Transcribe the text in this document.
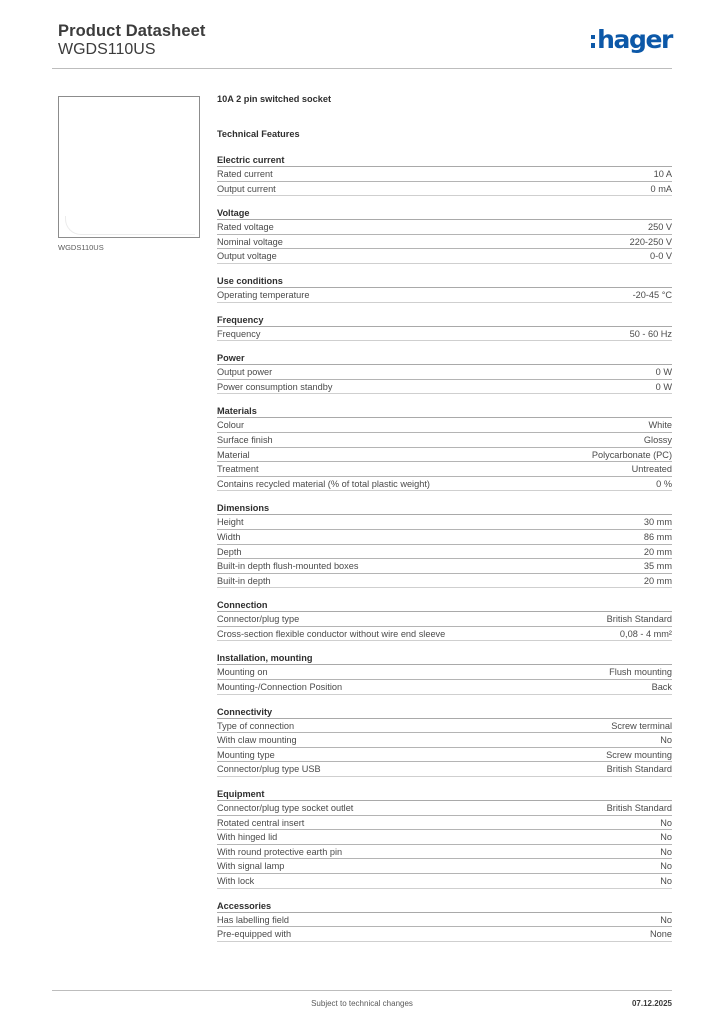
Product Datasheet
WGDS110US	hager
WGDS110US
10A 2 pin switched socket
Technical Features
Electric current
Rated current	10 A
Output current	0 mA
Voltage
Rated voltage	250 V
Nominal voltage	220-250 V
Output voltage	0-0 V
Use conditions
Operating temperature	-20-45 °C
Frequency
Frequency	50 - 60 Hz
Power
Output power	0 W
Power consumption standby	0 W
Materials
Colour	White
Surface finish	Glossy
Material	Polycarbonate (PC)
Treatment	Untreated
Contains recycled material (% of total plastic weight)	0 %
Dimensions
Height	30 mm
Width	86 mm
Depth	20 mm
Built-in depth flush-mounted boxes	35 mm
Built-in depth	20 mm
Connection
Connector/plug type	British Standard
Cross-section flexible conductor without wire end sleeve	0,08 - 4 mm²
Installation, mounting
Mounting on	Flush mounting
Mounting-/Connection Position	Back
Connectivity
Type of connection	Screw terminal
With claw mounting	No
Mounting type	Screw mounting
Connector/plug type USB	British Standard
Equipment
Connector/plug type socket outlet	British Standard
Rotated central insert	No
With hinged lid	No
With round protective earth pin	No
With signal lamp	No
With lock	No
Accessories
Has labelling field	No
Pre-equipped with	None
Subject to technical changes	07.12.2025
